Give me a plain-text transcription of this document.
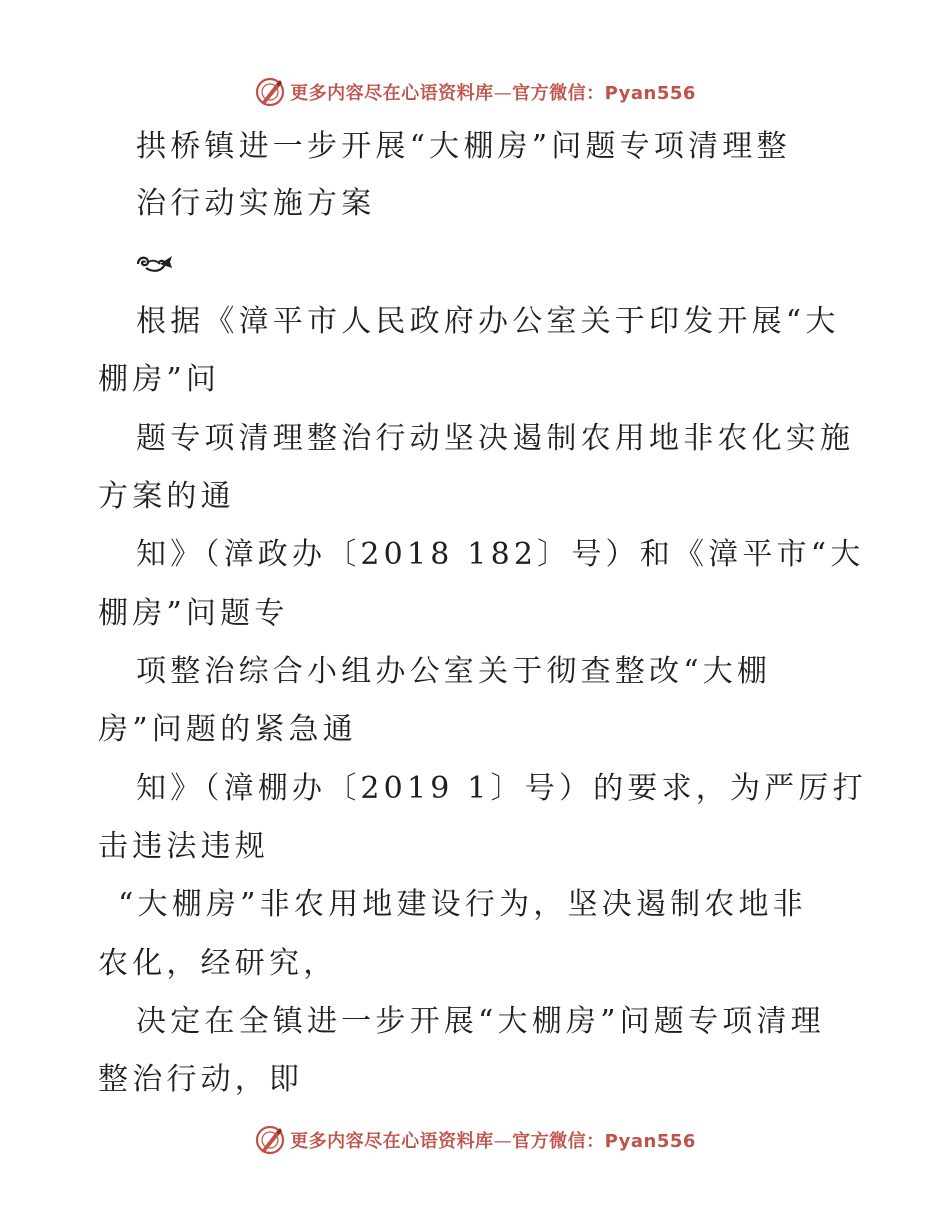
更多内容尽在心语资料库—官方微信：Pyan556
拱桥镇进一步开展“大棚房”问题专项清理整
治行动实施方案
根据《漳平市人民政府办公室关于印发开展“大
棚房”问
题专项清理整治行动坚决遏制农用地非农化实施
方案的通
知》（漳政办〔2018 182〕号）和《漳平市“大
棚房”问题专
项整治综合小组办公室关于彻查整改“大棚
房”问题的紧急通
知》（漳棚办〔2019 1〕号）的要求，为严厉打
击违法违规
“大棚房”非农用地建设行为，坚决遏制农地非
农化，经研究，
决定在全镇进一步开展“大棚房”问题专项清理
整治行动，即
更多内容尽在心语资料库—官方微信：Pyan556
